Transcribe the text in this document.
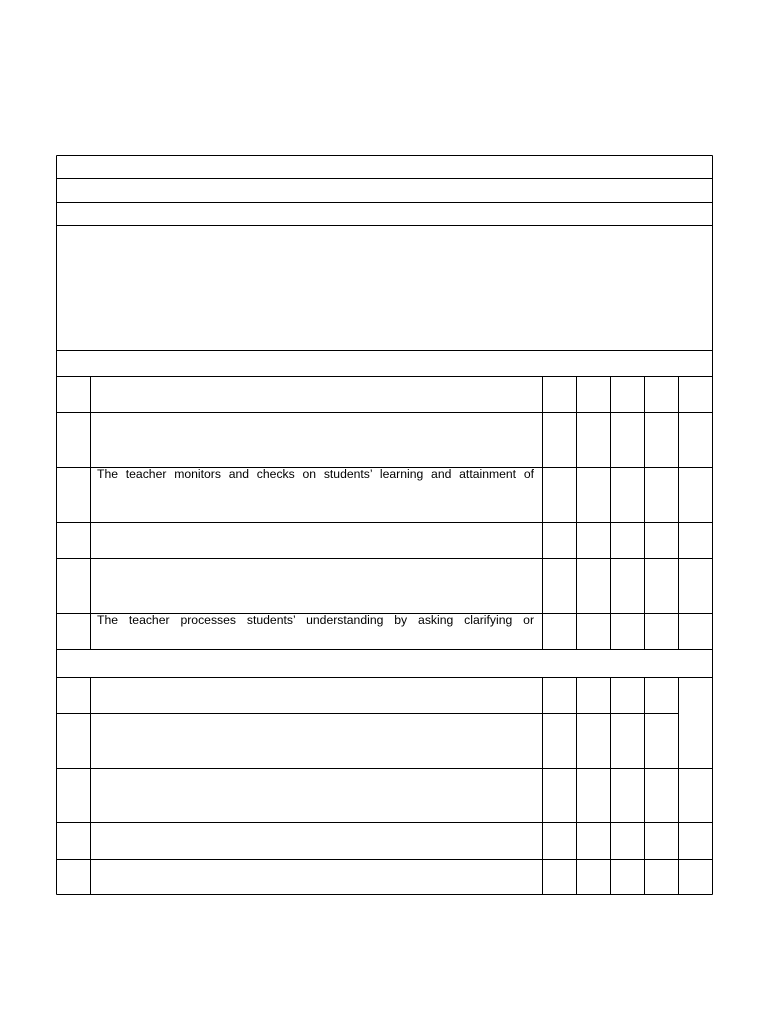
The teacher monitors and checks on students’ learning and attainment of
The teacher processes students’ understanding by asking clarifying or
